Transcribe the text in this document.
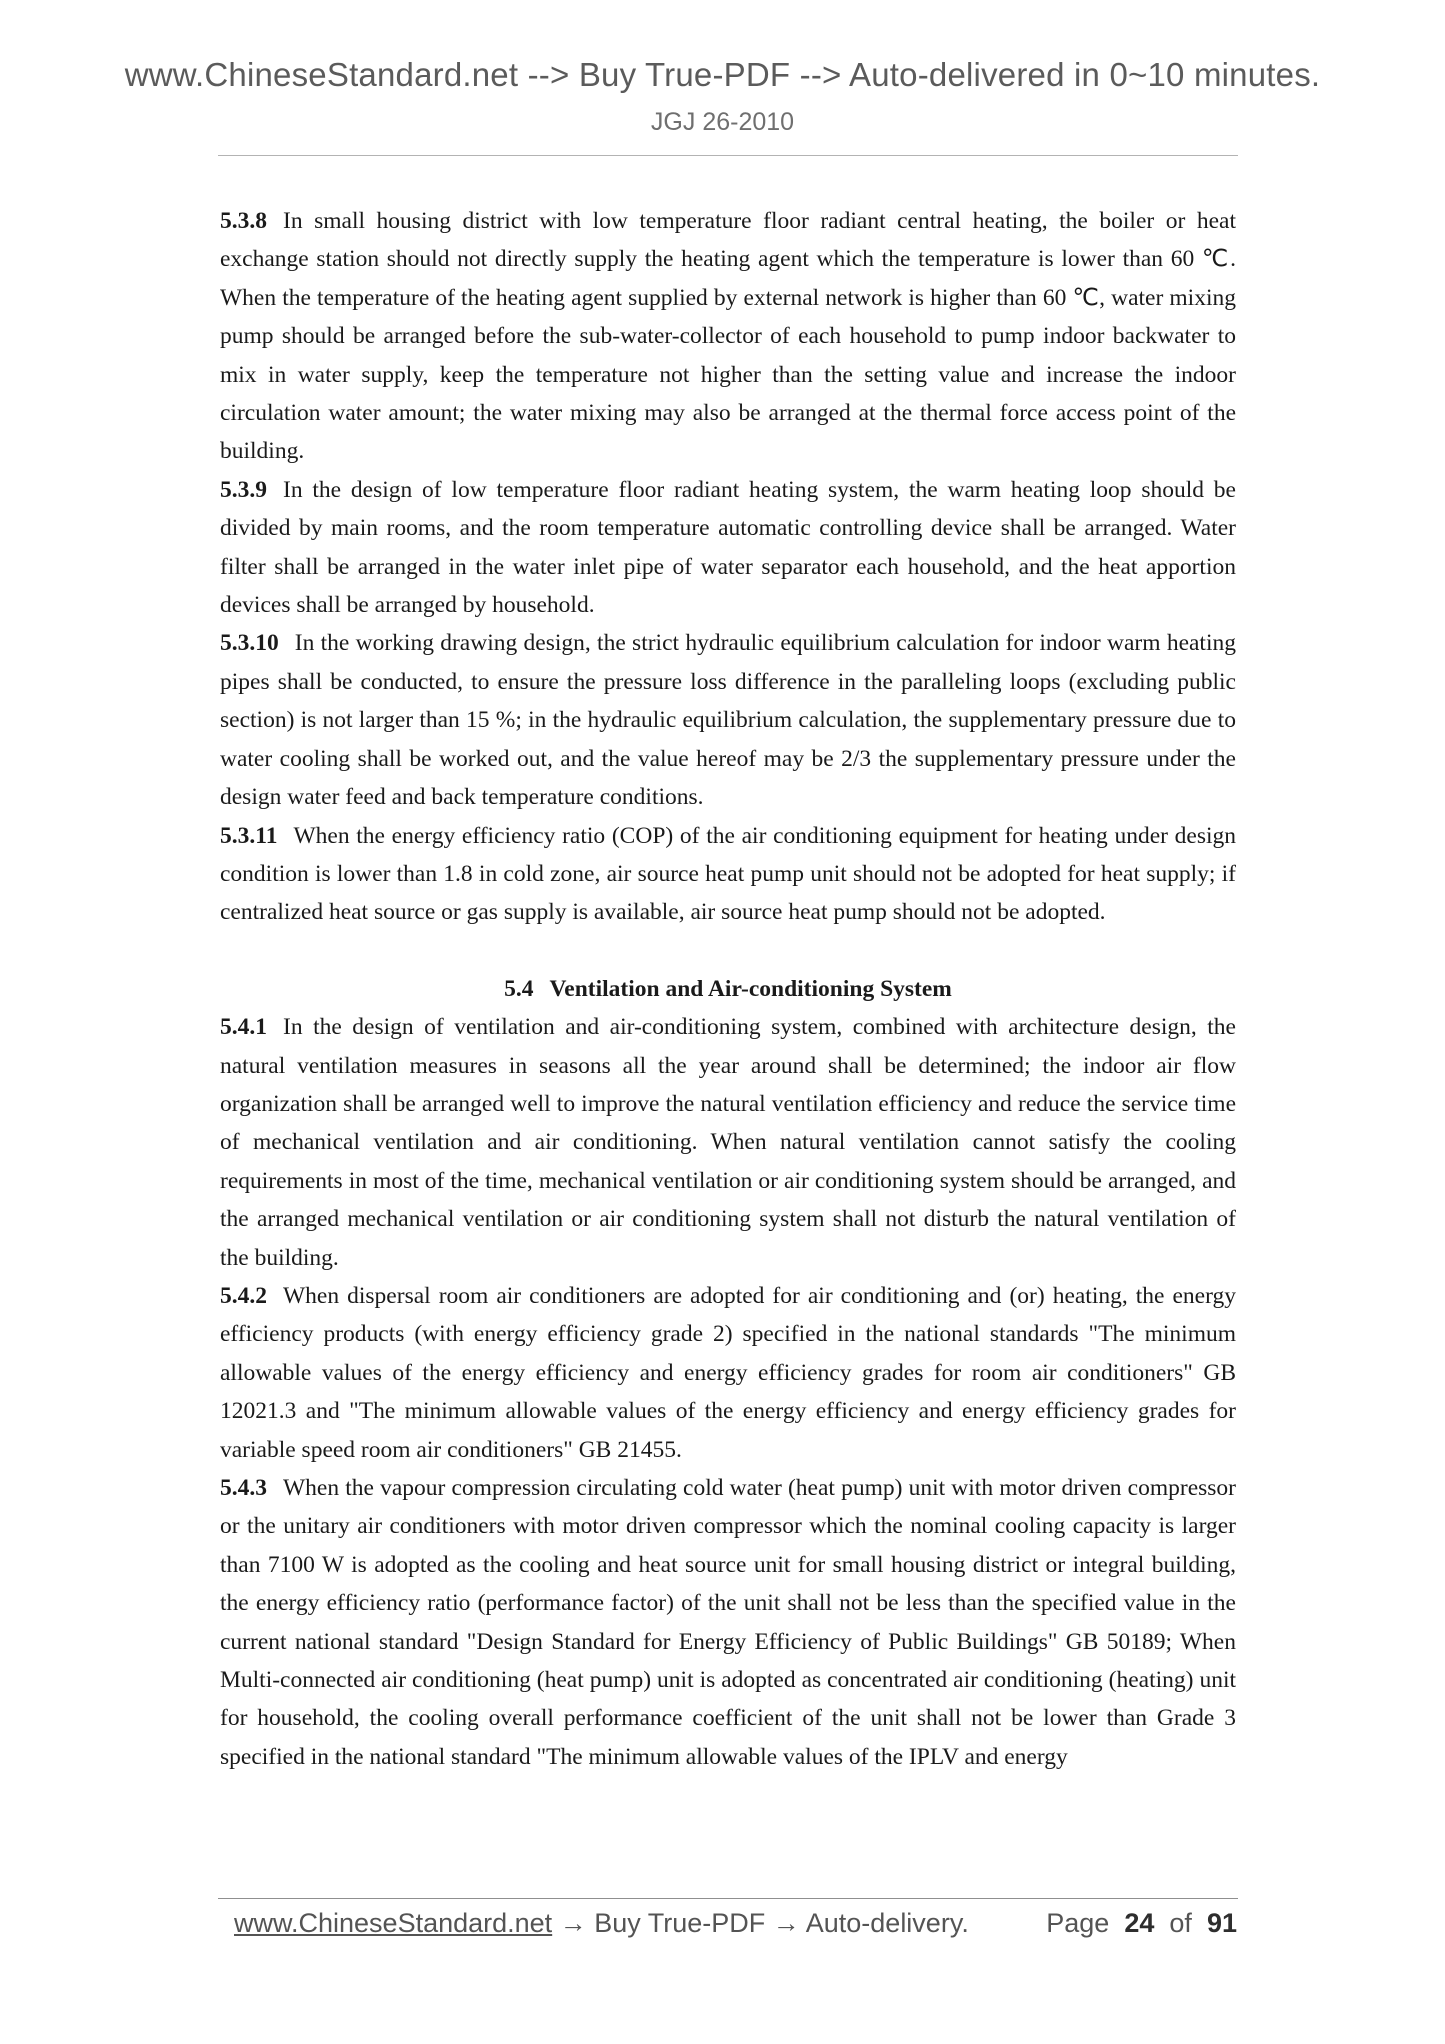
www.ChineseStandard.net --> Buy True-PDF --> Auto-delivered in 0~10 minutes.
JGJ 26-2010

5.3.8 In small housing district with low temperature floor radiant central heating, the boiler or heat exchange station should not directly supply the heating agent which the temperature is lower than 60 ℃. When the temperature of the heating agent supplied by external network is higher than 60 ℃, water mixing pump should be arranged before the sub-water-collector of each household to pump indoor backwater to mix in water supply, keep the temperature not higher than the setting value and increase the indoor circulation water amount; the water mixing may also be arranged at the thermal force access point of the building.

5.3.9 In the design of low temperature floor radiant heating system, the warm heating loop should be divided by main rooms, and the room temperature automatic controlling device shall be arranged. Water filter shall be arranged in the water inlet pipe of water separator each household, and the heat apportion devices shall be arranged by household.

5.3.10 In the working drawing design, the strict hydraulic equilibrium calculation for indoor warm heating pipes shall be conducted, to ensure the pressure loss difference in the paralleling loops (excluding public section) is not larger than 15 %; in the hydraulic equilibrium calculation, the supplementary pressure due to water cooling shall be worked out, and the value hereof may be 2/3 the supplementary pressure under the design water feed and back temperature conditions.

5.3.11 When the energy efficiency ratio (COP) of the air conditioning equipment for heating under design condition is lower than 1.8 in cold zone, air source heat pump unit should not be adopted for heat supply; if centralized heat source or gas supply is available, air source heat pump should not be adopted.

5.4 Ventilation and Air-conditioning System

5.4.1 In the design of ventilation and air-conditioning system, combined with architecture design, the natural ventilation measures in seasons all the year around shall be determined; the indoor air flow organization shall be arranged well to improve the natural ventilation efficiency and reduce the service time of mechanical ventilation and air conditioning. When natural ventilation cannot satisfy the cooling requirements in most of the time, mechanical ventilation or air conditioning system should be arranged, and the arranged mechanical ventilation or air conditioning system shall not disturb the natural ventilation of the building.

5.4.2 When dispersal room air conditioners are adopted for air conditioning and (or) heating, the energy efficiency products (with energy efficiency grade 2) specified in the national standards "The minimum allowable values of the energy efficiency and energy efficiency grades for room air conditioners" GB 12021.3 and "The minimum allowable values of the energy efficiency and energy efficiency grades for variable speed room air conditioners" GB 21455.

5.4.3 When the vapour compression circulating cold water (heat pump) unit with motor driven compressor or the unitary air conditioners with motor driven compressor which the nominal cooling capacity is larger than 7100 W is adopted as the cooling and heat source unit for small housing district or integral building, the energy efficiency ratio (performance factor) of the unit shall not be less than the specified value in the current national standard "Design Standard for Energy Efficiency of Public Buildings" GB 50189; When Multi-connected air conditioning (heat pump) unit is adopted as concentrated air conditioning (heating) unit for household, the cooling overall performance coefficient of the unit shall not be lower than Grade 3 specified in the national standard "The minimum allowable values of the IPLV and energy

www.ChineseStandard.net → Buy True-PDF → Auto-delivery.	Page 24 of 91
